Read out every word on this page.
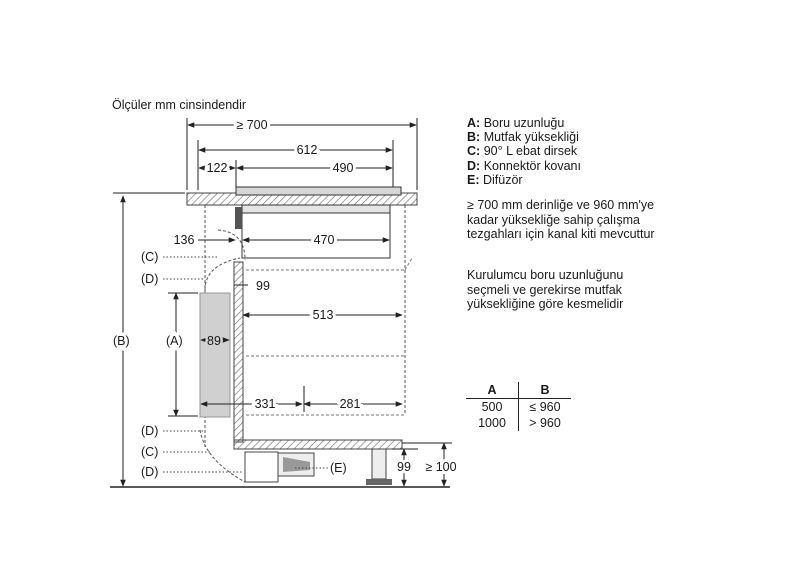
Ölçüler mm cinsindendir
≥ 700
612
122	490
136	470
99
513
89
331	281
99 ≥ 100
(C)
(D)
(A)
(B)
(D)
(C)
(D)	(E)
A: Boru uzunluğu
B: Mutfak yüksekliği
C: 90° L ebat dirsek
D: Konnektör kovanı
E: Difüzör
≥ 700 mm derinliğe ve 960 mm'ye
kadar yüksekliğe sahip çalışma
tezgahları için kanal kiti mevcuttur
Kurulumcu boru uzunluğunu
seçmeli ve gerekirse mutfak
yüksekliğine göre kesmelidir
A	B
500	≤ 960
1000	> 960
